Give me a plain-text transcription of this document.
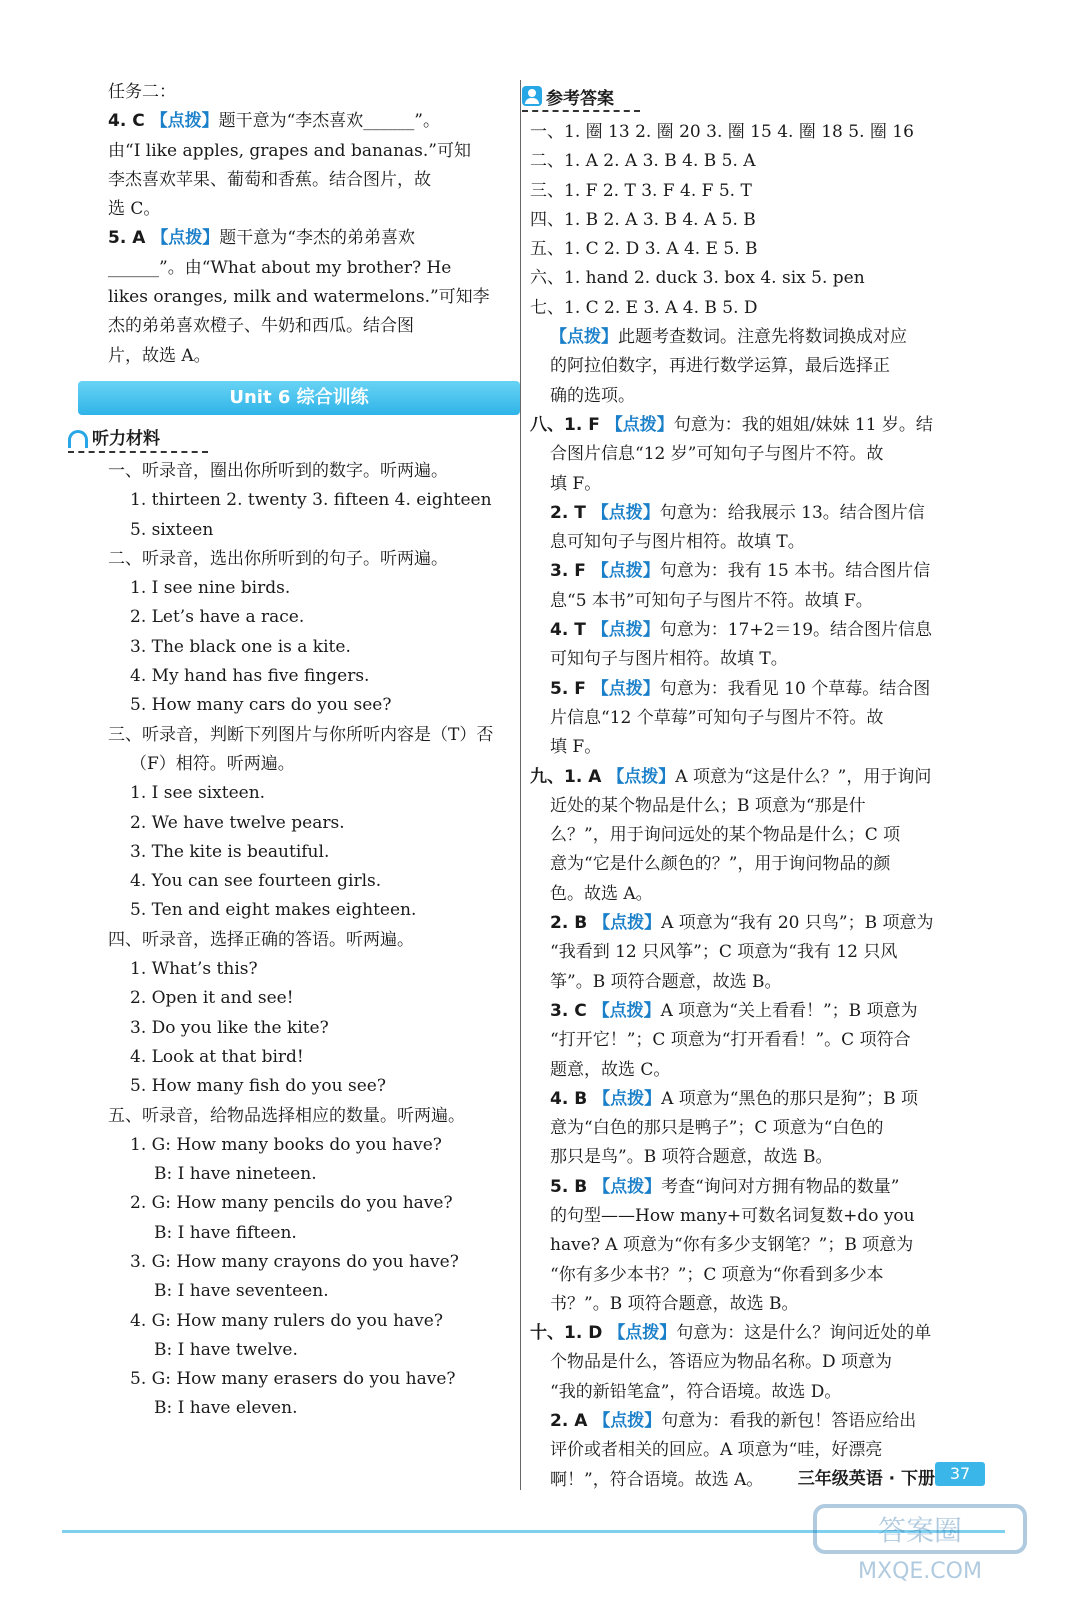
任务二：
4. C 【点拨】题干意为“李杰喜欢______”。
由“I like apples, grapes and bananas.”可知
李杰喜欢苹果、葡萄和香蕉。结合图片，故
选 C。
5. A 【点拨】题干意为“李杰的弟弟喜欢
______”。由“What about my brother? He
likes oranges, milk and watermelons.”可知李
杰的弟弟喜欢橙子、牛奶和西瓜。结合图
片，故选 A。
Unit 6 综合训练
听力材料
一、听录音，圈出你所听到的数字。听两遍。
1. thirteen 2. twenty 3. fifteen 4. eighteen
5. sixteen
二、听录音，选出你所听到的句子。听两遍。
1. I see nine birds.
2. Let’s have a race.
3. The black one is a kite.
4. My hand has five fingers.
5. How many cars do you see?
三、听录音，判断下列图片与你所听内容是（T）否
（F）相符。听两遍。
1. I see sixteen.
2. We have twelve pears.
3. The kite is beautiful.
4. You can see fourteen girls.
5. Ten and eight makes eighteen.
四、听录音，选择正确的答语。听两遍。
1. What’s this?
2. Open it and see!
3. Do you like the kite?
4. Look at that bird!
5. How many fish do you see?
五、听录音，给物品选择相应的数量。听两遍。
1. G: How many books do you have?
B: I have nineteen.
2. G: How many pencils do you have?
B: I have fifteen.
3. G: How many crayons do you have?
B: I have seventeen.
4. G: How many rulers do you have?
B: I have twelve.
5. G: How many erasers do you have?
B: I have eleven.
参考答案
一、1. 圈 13 2. 圈 20 3. 圈 15 4. 圈 18 5. 圈 16
二、1. A 2. A 3. B 4. B 5. A
三、1. F 2. T 3. F 4. F 5. T
四、1. B 2. A 3. B 4. A 5. B
五、1. C 2. D 3. A 4. E 5. B
六、1. hand 2. duck 3. box 4. six 5. pen
七、1. C 2. E 3. A 4. B 5. D
【点拨】此题考查数词。注意先将数词换成对应
的阿拉伯数字，再进行数学运算，最后选择正
确的选项。
八、1. F 【点拨】句意为：我的姐姐/妹妹 11 岁。结
合图片信息“12 岁”可知句子与图片不符。故
填 F。
2. T 【点拨】句意为：给我展示 13。结合图片信
息可知句子与图片相符。故填 T。
3. F 【点拨】句意为：我有 15 本书。结合图片信
息“5 本书”可知句子与图片不符。故填 F。
4. T 【点拨】句意为：17+2＝19。结合图片信息
可知句子与图片相符。故填 T。
5. F 【点拨】句意为：我看见 10 个草莓。结合图
片信息“12 个草莓”可知句子与图片不符。故
填 F。
九、1. A 【点拨】A 项意为“这是什么？”，用于询问
近处的某个物品是什么；B 项意为“那是什
么？”，用于询问远处的某个物品是什么；C 项
意为“它是什么颜色的？”，用于询问物品的颜
色。故选 A。
2. B 【点拨】A 项意为“我有 20 只鸟”；B 项意为
“我看到 12 只风筝”；C 项意为“我有 12 只风
筝”。B 项符合题意，故选 B。
3. C 【点拨】A 项意为“关上看看！”；B 项意为
“打开它！”；C 项意为“打开看看！”。C 项符合
题意，故选 C。
4. B 【点拨】A 项意为“黑色的那只是狗”；B 项
意为“白色的那只是鸭子”；C 项意为“白色的
那只是鸟”。B 项符合题意，故选 B。
5. B 【点拨】考查“询问对方拥有物品的数量”
的句型——How many+可数名词复数+do you
have? A 项意为“你有多少支钢笔？”；B 项意为
“你有多少本书？”；C 项意为“你看到多少本
书？”。B 项符合题意，故选 B。
十、1. D 【点拨】句意为：这是什么？询问近处的单
个物品是什么，答语应为物品名称。D 项意为
“我的新铅笔盒”，符合语境。故选 D。
2. A 【点拨】句意为：看我的新包！答语应给出
评价或者相关的回应。A 项意为“哇，好漂亮
啊！”，符合语境。故选 A。	三年级英语 · 下册 37
答案圈
MXQE.COM
